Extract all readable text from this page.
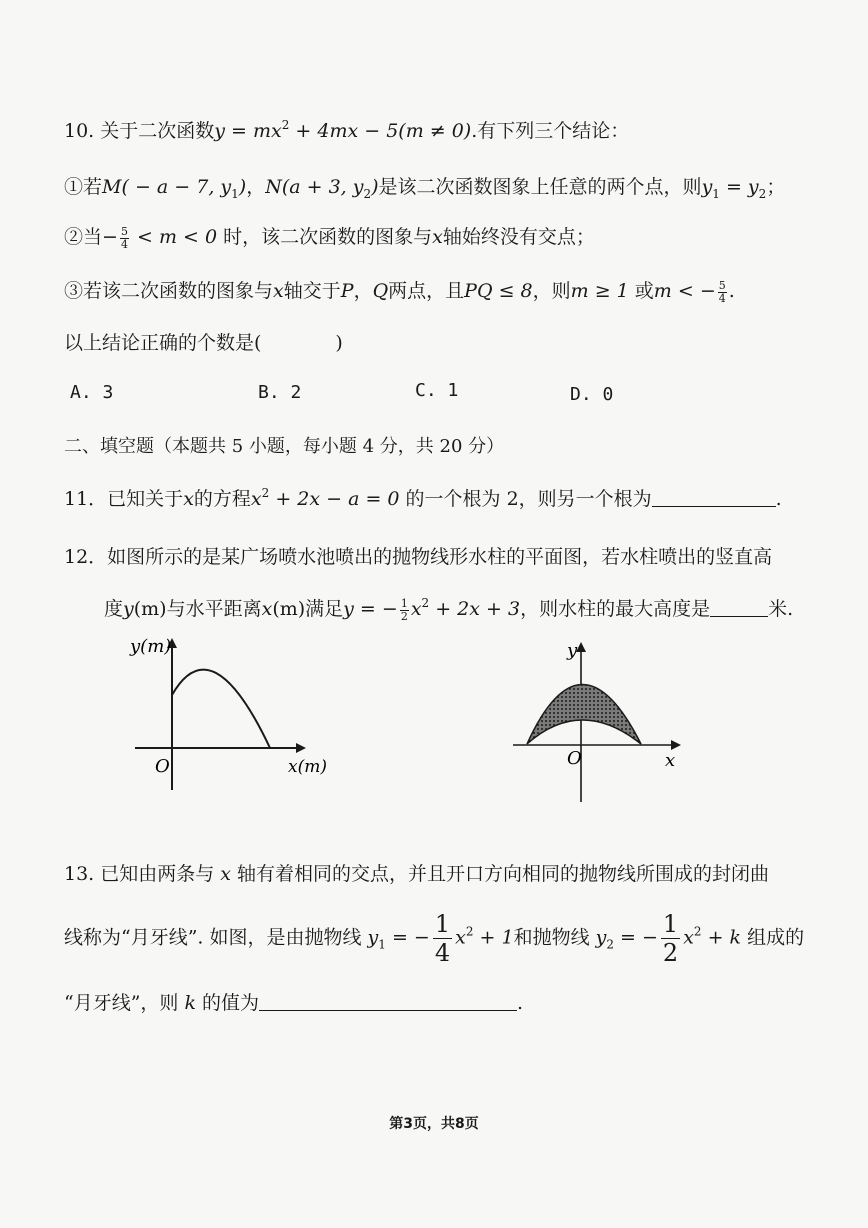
10. 关于二次函数$y = mx^2 + 4mx - 5(m \ne 0)$.有下列三个结论：
①若M( − a − 7, $y_1$)，N(a + 3, $y_2$)是该二次函数图象上任意的两个点，则$y_1 = y_2$；
②当− $\frac{5}{4} < m < 0$ 时，该二次函数的图象与x轴始终没有交点；
③若该二次函数的图象与x轴交于P，Q两点，且PQ ≤ 8，则m ≥ 1 或m < − $\frac{5}{4}$ .
以上结论正确的个数是(	)
A. 3	B. 2	C. 1	D. 0
二、填空题（本题共 5 小题，每小题 4 分，共 20 分）
11．已知关于x的方程$x^2 + 2x - a = 0$ 的一个根为 2，则另一个根为	.
12．如图所示的是某广场喷水池喷出的抛物线形水柱的平面图，若水柱喷出的竖直高
度y(m)与水平距离x(m)满足y = − $\frac{1}{2} x^2 + 2x + 3$，则水柱的最大高度是	米.
y(m)
x(m)
O
y
x
O
13. 已知由两条与 x 轴有着相同的交点，并且开口方向相同的抛物线所围成的封闭曲
线称为“月牙线”. 如图，是由抛物线 $y_1$ = − $\frac{1}{4} x^2 + 1$和抛物线 $y_2$ = − $\frac{1}{2} x^2 + k$ 组成的
“月牙线”，则 k 的值为	.
第3页，共8页
